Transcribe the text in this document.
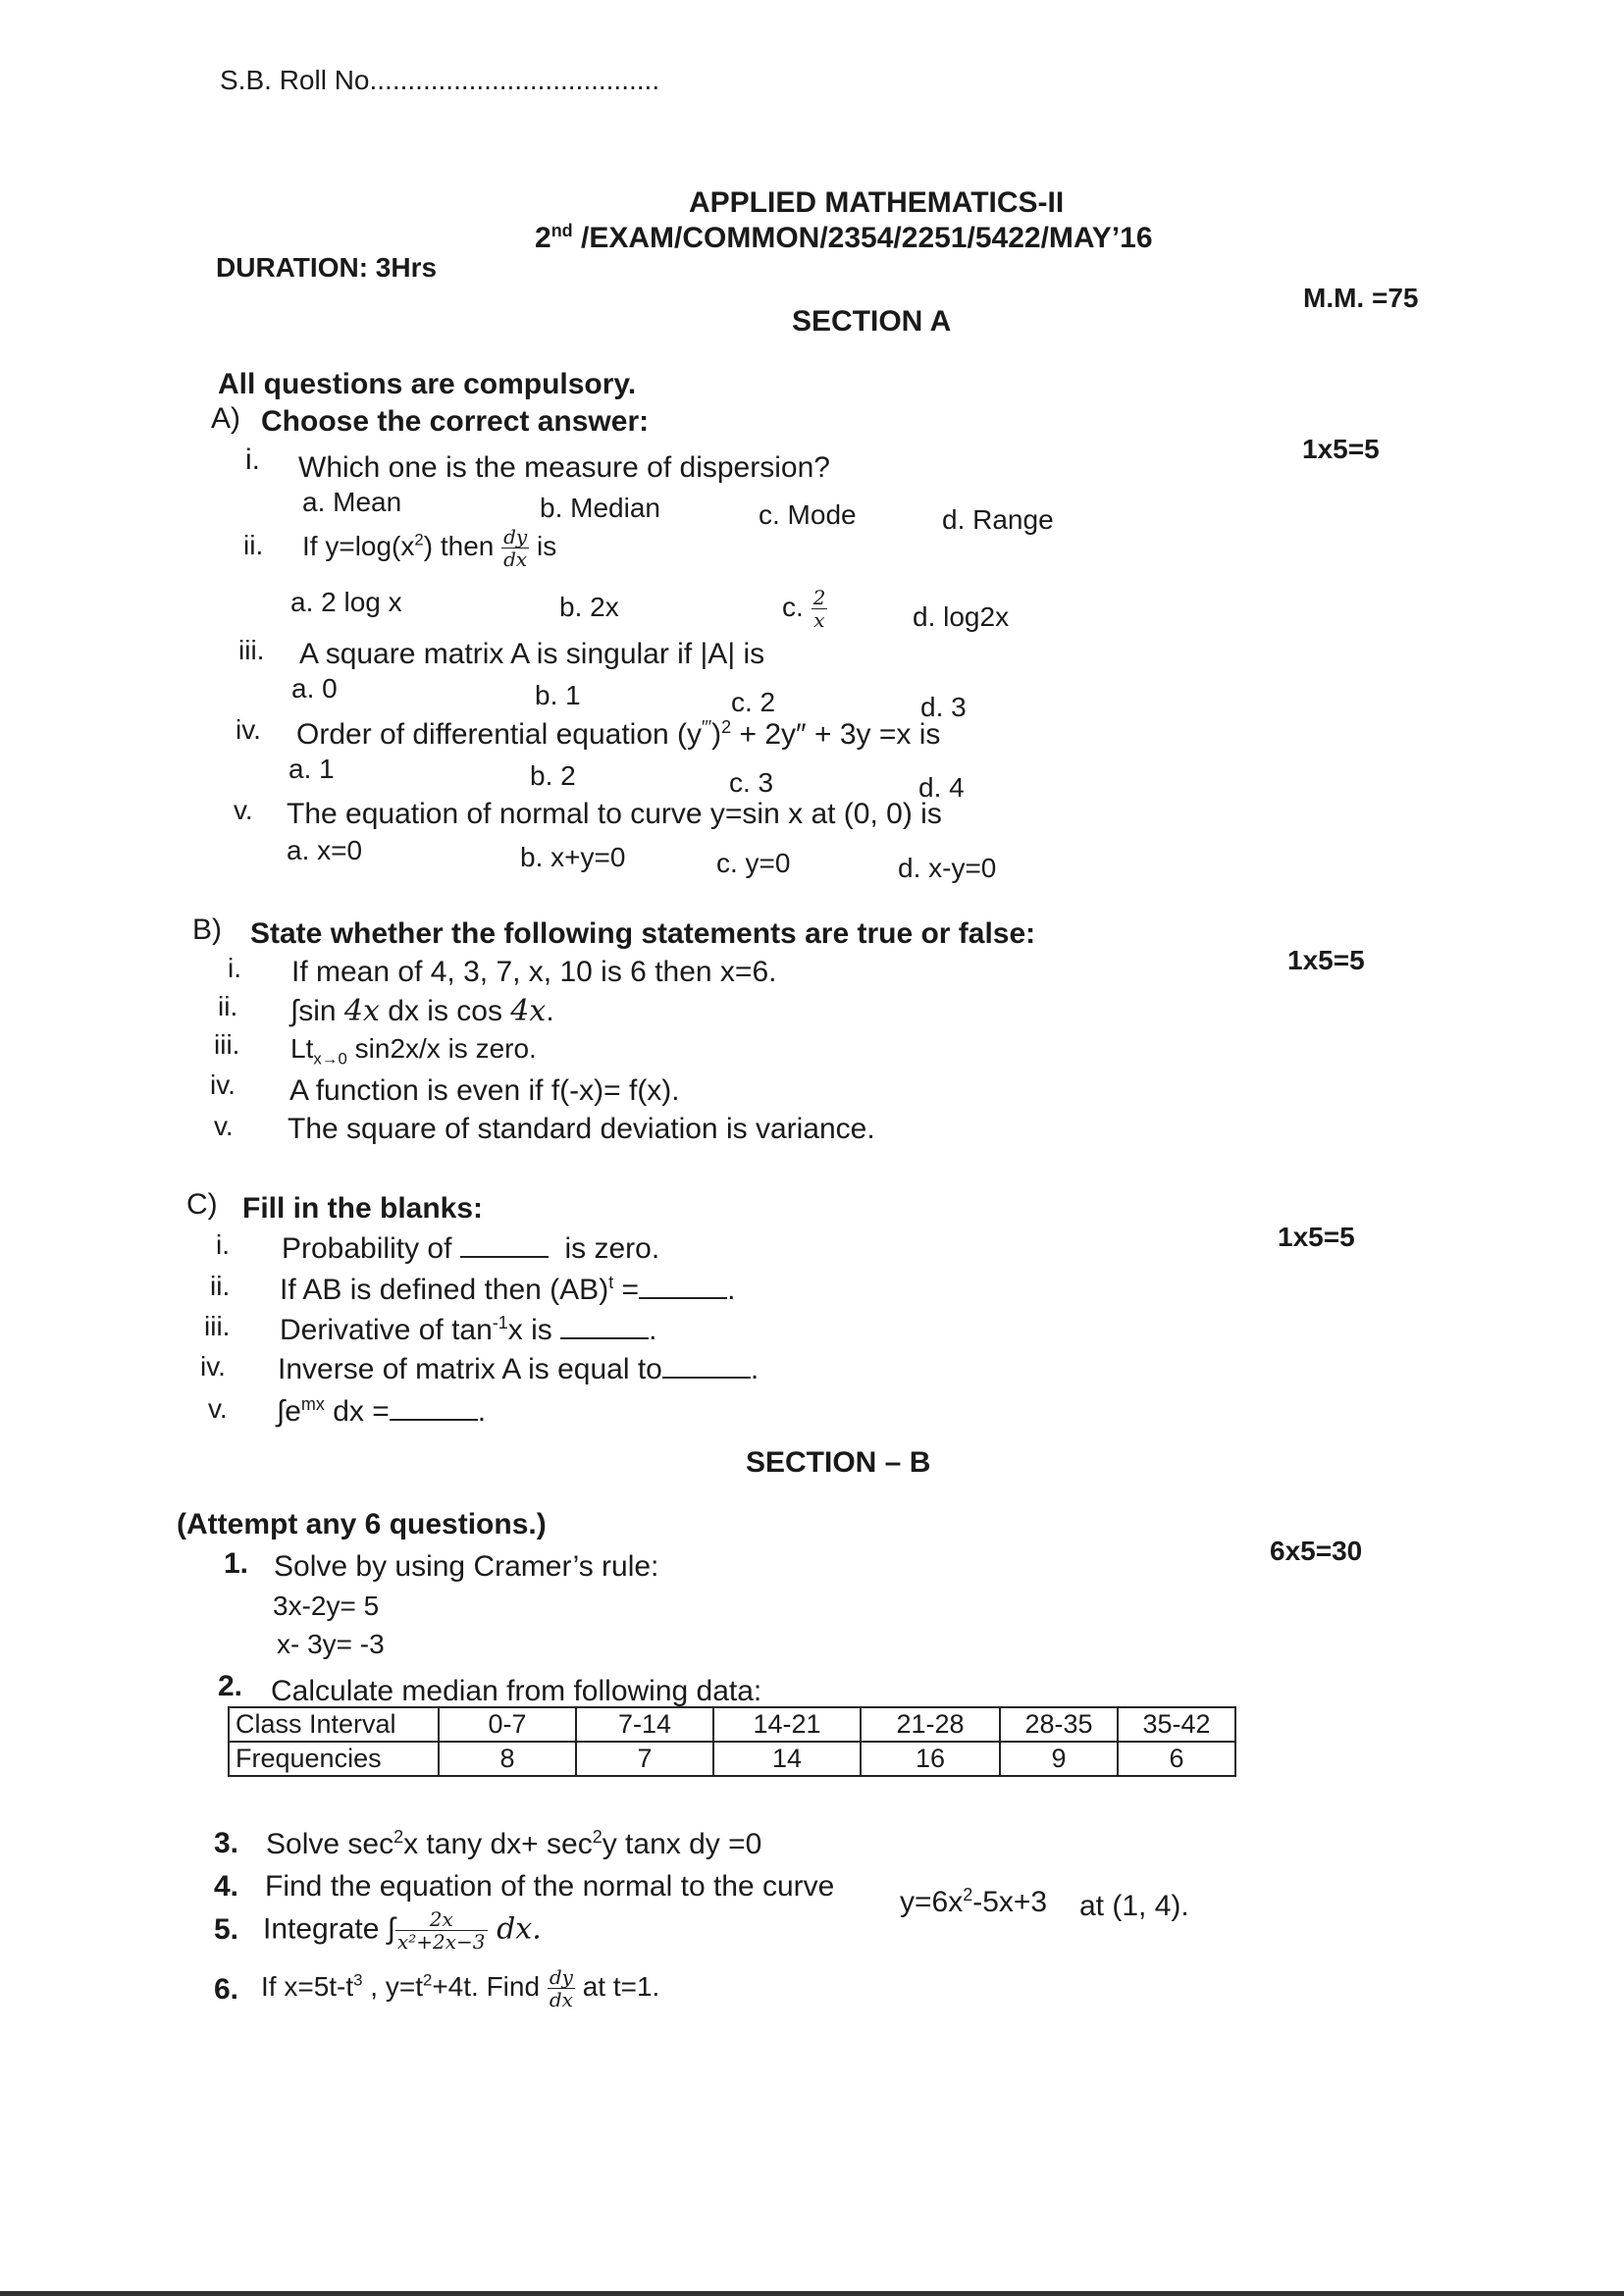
S.B. Roll No......................................
APPLIED MATHEMATICS-II
2nd /EXAM/COMMON/2354/2251/5422/MAY’16
DURATION: 3Hrs
M.M. =75
SECTION A
All questions are compulsory.
A) Choose the correct answer:
1x5=5
i. Which one is the measure of dispersion?
a. Mean	b. Median	c. Mode	d. Range
ii. If $y=\log(x^2)$ then $\frac{dy}{dx}$ is
a. 2 log x	b. 2x	c. $\frac{2}{x}$	d. log2x
iii. A square matrix A is singular if |A| is
a. 0	b. 1	c. 2	d. 3
iv. Order of differential equation $(y''')^2 + 2y'' + 3y =x$ is
a. 1	b. 2	c. 3	d. 4
v. The equation of normal to curve y=sin x at (0, 0) is
a. x=0	b. x+y=0	c. y=0	d. x-y=0
B) State whether the following statements are true or false:
1x5=5
i. If mean of 4, 3, 7, x, 10 is 6 then x=6.
ii. ∫sin 4x dx is cos 4x.
iii. $Lt_{x\to 0}$ sin2x/x is zero.
iv. A function is even if f(-x)= f(x).
v. The square of standard deviation is variance.
C) Fill in the blanks:
1x5=5
i. Probability of	is zero.
ii. If AB is defined then (AB)$^t$ =	.
iii. Derivative of $\tan^{-1}x$ is	.
iv. Inverse of matrix A is equal to	.
v. $\int e^{mx}$ dx =	.
SECTION – B
(Attempt any 6 questions.)
6x5=30
1. Solve by using Cramer’s rule:
3x-2y= 5
x- 3y= -3
2. Calculate median from following data:
Class Interval	0-7	7-14	14-21	21-28	28-35	35-42
Frequencies	8	7	14	16	9	6
3. Solve $\sec^2x$ tany $dx+ \sec^2y$ tanx dy =0
4. Find the equation of the normal to the curve $y=6x^2-5x+3$ at (1, 4).
5. Integrate ∫ $\frac{2x}{\text{x²+2x−3}}$ dx.
6. If $x=5t-t^3$ , $y=t^2+4t$. Find $\frac{dy}{dx}$ at t=1.
